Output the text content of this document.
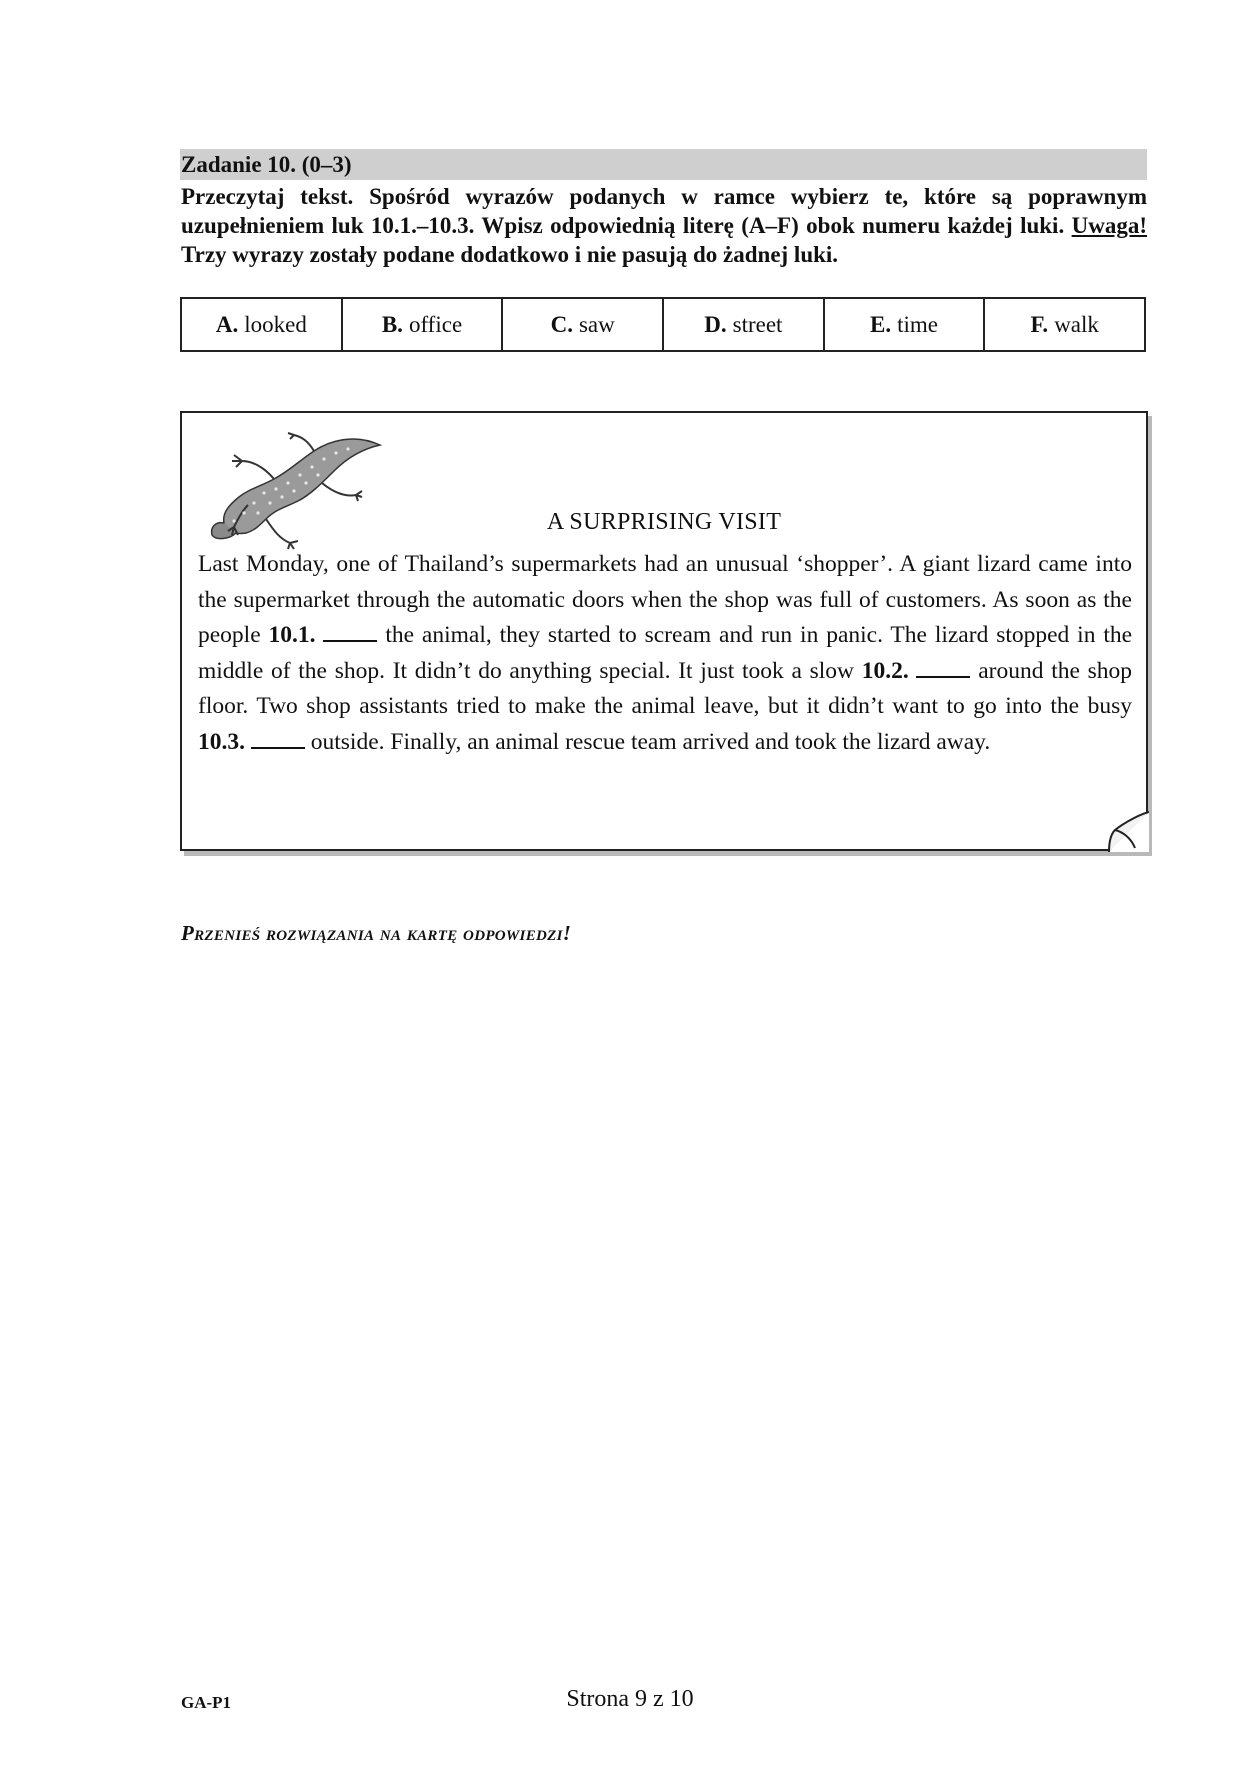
Zadanie 10. (0–3)
Przeczytaj tekst. Spośród wyrazów podanych w ramce wybierz te, które są poprawnym uzupełnieniem luk 10.1.–10.3. Wpisz odpowiednią literę (A–F) obok numeru każdej luki. Uwaga! Trzy wyrazy zostały podane dodatkowo i nie pasują do żadnej luki.
A. looked	B. office	C. saw	D. street	E. time	F. walk
A SURPRISING VISIT
Last Monday, one of Thailand’s supermarkets had an unusual ‘shopper’. A giant lizard came into the supermarket through the automatic doors when the shop was full of customers. As soon as the people 10.1.	the animal, they started to scream and run in panic. The lizard stopped in the middle of the shop. It didn’t do anything special. It just took a slow 10.2.	around the shop floor. Two shop assistants tried to make the animal leave, but it didn’t want to go into the busy 10.3.	outside. Finally, an animal rescue team arrived and took the lizard away.
Przenieś rozwiązania na kartę odpowiedzi!
GA-P1	Strona 9 z 10
